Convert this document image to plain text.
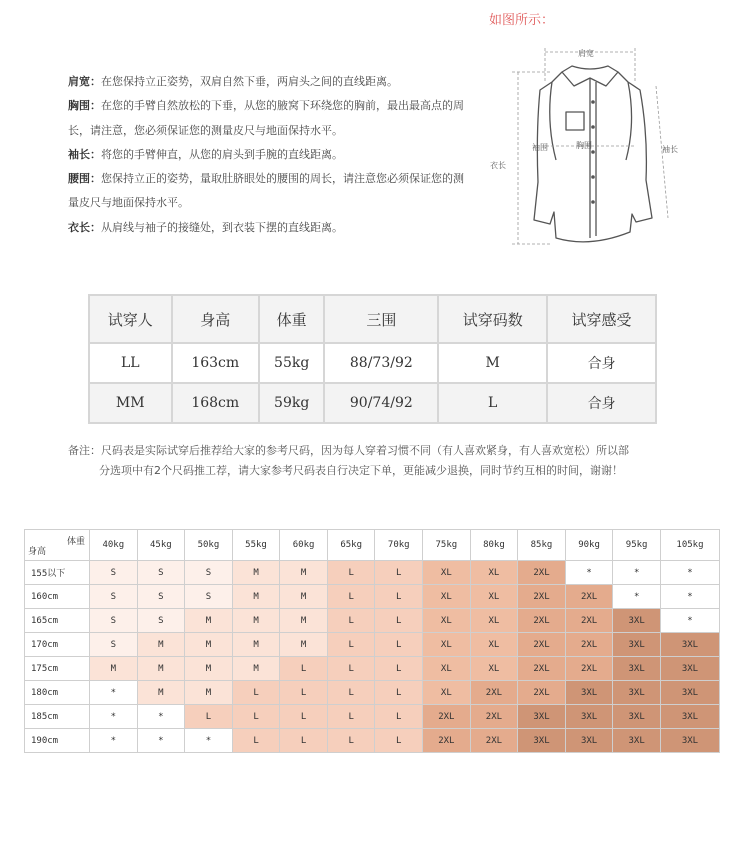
如图所示：

肩宽：在您保持立正姿势，双肩自然下垂，两肩头之间的直线距离。

胸围：在您的手臂自然放松的下垂，从您的腋窝下环绕您的胸前，最出最高点的周长，请注意，您必须保证您的测量皮尺与地面保持水平。

袖长：将您的手臂伸直，从您的肩头到手腕的直线距离。

腰围：您保持立正的姿势，量取肚脐眼处的腰围的周长，请注意您必须保证您的测量皮尺与地面保持水平。

衣长：从肩线与袖子的接缝处，到衣装下摆的直线距离。

肩宽
袖围	胸围	袖长
衣长
试穿人	身高	体重	三围	试穿码数	试穿感受
LL	163cm	55kg	88/73/92	M	合身
MM	168cm	59kg	90/74/92	L	合身
备注：尺码表是实际试穿后推荐给大家的参考尺码，因为每人穿着习惯不同（有人喜欢紧身，有人喜欢宽松）所以部
分选项中有2个尺码推工荐，请大家参考尺码表自行决定下单，更能减少退换，同时节约互相的时间，谢谢！
体重
身高	40kg	45kg	50kg	55kg	60kg	65kg	70kg	75kg	80kg	85kg	90kg	95kg	105kg
155以下	S	S	S	M	M	L	L	XL	XL	2XL	*	*	*
160cm	S	S	S	M	M	L	L	XL	XL	2XL	2XL	*	*
165cm	S	S	M	M	M	L	L	XL	XL	2XL	2XL	3XL	*
170cm	S	M	M	M	M	L	L	XL	XL	2XL	2XL	3XL	3XL
175cm	M	M	M	M	L	L	L	XL	XL	2XL	2XL	3XL	3XL
180cm	*	M	M	L	L	L	L	XL	2XL	2XL	3XL	3XL	3XL
185cm	*	*	L	L	L	L	L	2XL	2XL	3XL	3XL	3XL	3XL
190cm	*	*	*	L	L	L	L	2XL	2XL	3XL	3XL	3XL	3XL
